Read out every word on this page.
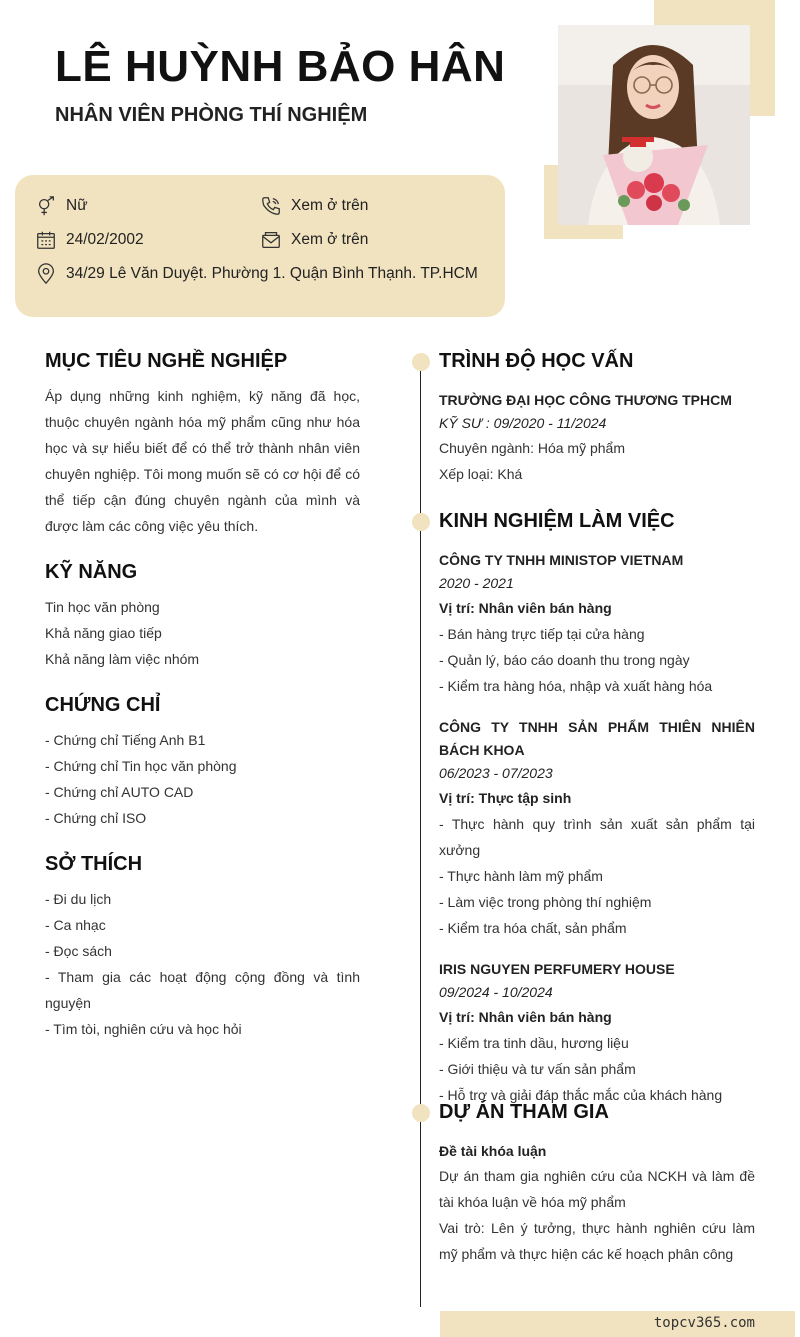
LÊ HUỲNH BẢO HÂN
NHÂN VIÊN PHÒNG THÍ NGHIỆM
Nữ	Xem ở trên
24/02/2002	Xem ở trên
34/29 Lê Văn Duyệt. Phường 1. Quận Bình Thạnh. TP.HCM
MỤC TIÊU NGHỀ NGHIỆP
Áp dụng những kinh nghiệm, kỹ năng đã học, thuộc chuyên ngành hóa mỹ phẩm cũng như hóa học và sự hiểu biết để có thể trở thành nhân viên chuyên nghiệp. Tôi mong muốn sẽ có cơ hội để có thể tiếp cận đúng chuyên ngành của mình và được làm các công việc yêu thích.
KỸ NĂNG
Tin học văn phòng
Khả năng giao tiếp
Khả năng làm việc nhóm
CHỨNG CHỈ
- Chứng chỉ Tiếng Anh B1
- Chứng chỉ Tin học văn phòng
- Chứng chỉ AUTO CAD
- Chứng chỉ ISO
SỞ THÍCH
- Đi du lịch
- Ca nhạc
- Đọc sách
- Tham gia các hoạt động cộng đồng và tình nguyện
- Tìm tòi, nghiên cứu và học hỏi
TRÌNH ĐỘ HỌC VẤN
TRƯỜNG ĐẠI HỌC CÔNG THƯƠNG TPHCM
KỸ SƯ : 09/2020 - 11/2024
Chuyên ngành: Hóa mỹ phẩm
Xếp loại: Khá
KINH NGHIỆM LÀM VIỆC
CÔNG TY TNHH MINISTOP VIETNAM
2020 - 2021
Vị trí: Nhân viên bán hàng
- Bán hàng trực tiếp tại cửa hàng
- Quản lý, báo cáo doanh thu trong ngày
- Kiểm tra hàng hóa, nhập và xuất hàng hóa
CÔNG TY TNHH SẢN PHẨM THIÊN NHIÊN BÁCH KHOA
06/2023 - 07/2023
Vị trí: Thực tập sinh
- Thực hành quy trình sản xuất sản phẩm tại xưởng
- Thực hành làm mỹ phẩm
- Làm việc trong phòng thí nghiệm
- Kiểm tra hóa chất, sản phẩm
IRIS NGUYEN PERFUMERY HOUSE
09/2024 - 10/2024
Vị trí: Nhân viên bán hàng
- Kiểm tra tinh dầu, hương liệu
- Giới thiệu và tư vấn sản phẩm
- Hỗ trợ và giải đáp thắc mắc của khách hàng
DỰ ÁN THAM GIA
Đề tài khóa luận
Dự án tham gia nghiên cứu của NCKH và làm đề tài khóa luận về hóa mỹ phẩm
Vai trò: Lên ý tưởng, thực hành nghiên cứu làm mỹ phẩm và thực hiện các kế hoạch phân công
topcv365.com
